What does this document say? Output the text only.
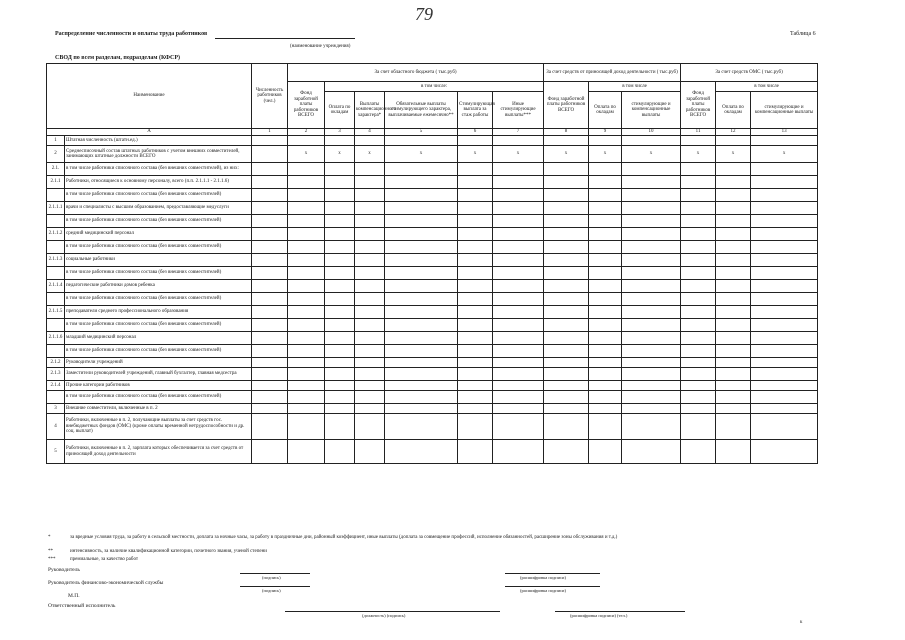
79
Распределение численности и оплаты труда работников
(наименование учреждения)
Таблица 6
СВОД по всем разделам, подразделам (КФСР)
Наименование		Численность работников (чел.)	За счет областного бюджета ( тыс.руб)						За счет средств от приносящей доход деятельности ( тыс.руб)			За счет средств ОМС ( тыс.руб)		
			Фонд заработной платы работников ВСЕГО	в том числе:					Фонд заработной платы работников ВСЕГО	в том числе		Фонд заработной платы работников ВСЕГО	в том числе	
				Оплата по окладам	Выплаты компенсационного характера*	Обязательные выплаты стимулирующего характера, выплачиваемые ежемесячно**	Стимулирующая выплата за стаж работы	Иные стимулирующие выплаты***		Оплата по окладам	стимулирующие и компенсационные выплаты		Оплата по окладам	стимулирующие и компенсационные выплаты
А		1	2	3	4	5	6	7	8	9	10	11	12	13
1	Штатная численность (штатн.ед.)													
2	Среднесписочный состав штатных работников с учетом внешних совместителей, занимающих штатные должности ВСЕГО		x	x	x	x	x	x	x	x	x	x	x	x
2.1.	в том числе работники списочного состава (без внешних совместителей), из них:													
2.1.1	Работники, относящиеся к основному персоналу, всего (п.п. 2.1.1.1 - 2.1.1.6)													
	в том числе работники списочного состава (без внешних совместителей)													
2.1.1.1	врачи и специалисты с высшим образованием, предоставляющие медуслуги													
	в том числе работники списочного состава (без внешних совместителей)													
2.1.1.2	средний медицинский персонал													
	в том числе работники списочного состава (без внешних совместителей)													
2.1.1.3	социальные работники													
	в том числе работники списочного состава (без внешних совместителей)													
2.1.1.4	педагогические работники домов ребенка													
	в том числе работники списочного состава (без внешних совместителей)													
2.1.1.5	преподаватели среднего профессионального образования													
	в том числе работники списочного состава (без внешних совместителей)													
2.1.1.6	младший медицинский персонал													
	в том числе работники списочного состава (без внешних совместителей)													
2.1.2	Руководители учреждений													
2.1.3	Заместители руководителей учреждений, главный бухгалтер, главная медсестра													
2.1.4	Прочие категории работников													
	в том числе работники списочного состава (без внешних совместителей)													
3	Внешние совместители, включенные в п. 2													
4	Работники, включенные в п. 2, получающие выплаты за счет средств гос. внебюджетных фондов (ОМС) (кроме оплаты временной нетрудоспособности и др. соц. выплат)													
5	Работники, включенные в п. 2, зарплата которых обеспечивается за счет средств от приносящей доход деятельности													
*	за вредные условия труда, за работу в сельской местности, доплата за ночные часы, за работу в праздничные дни, районный коэффициент, иные выплаты (доплата за совмещение профессий, исполнение обязанностей, расширение зоны обслуживания и т.д.)
**	интенсивность, за наличие квалификационной категории, почетного звания, ученой степени
***	премиальные, за качество работ
Руководитель
(подпись)	(расшифровка подписи)
Руководитель финансово-экономической службы
(подпись)	(расшифровка подписи)
М.П.
Ответственный исполнитель
(должность) (подпись)	(расшифровка подписи) (тел.)
к
